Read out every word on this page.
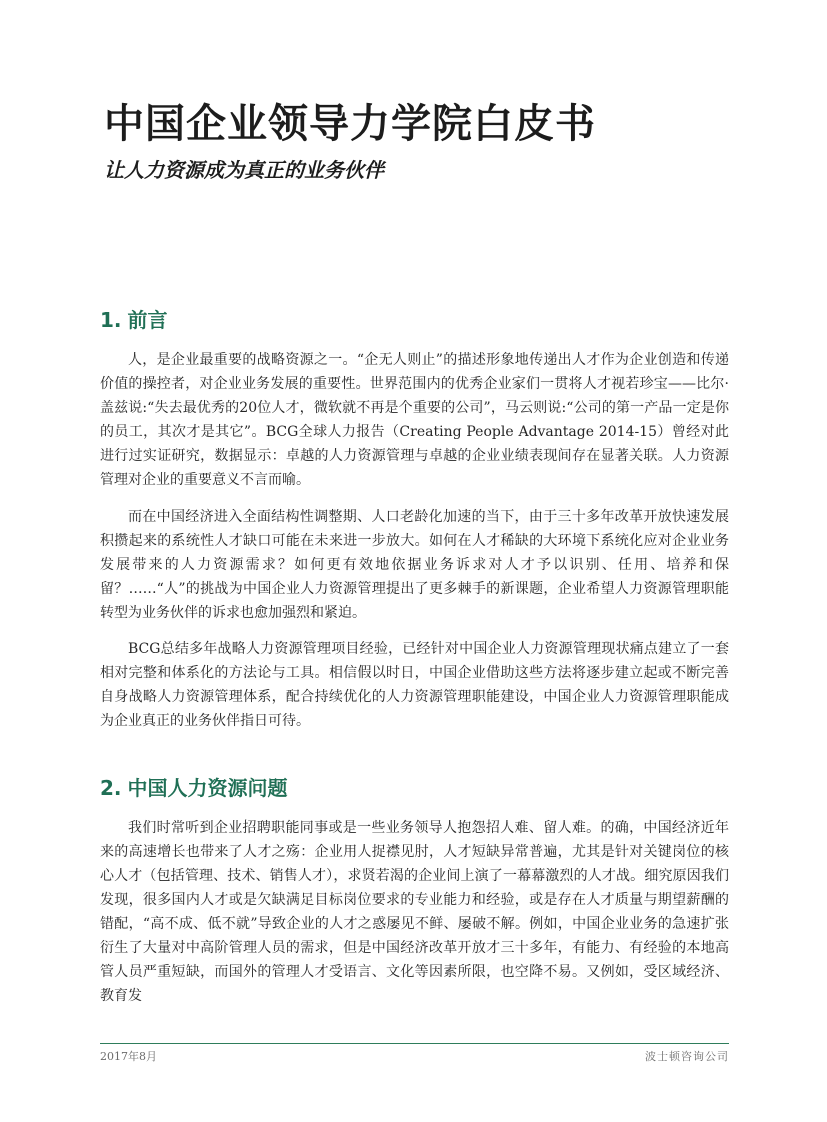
中国企业领导力学院白皮书
让人力资源成为真正的业务伙伴
1. 前言

人，是企业最重要的战略资源之一。“企无人则止”的描述形象地传递出人才作为企业创造和传递价值的操控者，对企业业务发展的重要性。世界范围内的优秀企业家们一贯将人才视若珍宝——比尔·盖兹说:“失去最优秀的20位人才，微软就不再是个重要的公司”，马云则说:“公司的第一产品一定是你的员工，其次才是其它”。BCG全球人力报告（Creating People Advantage 2014-15）曾经对此进行过实证研究，数据显示：卓越的人力资源管理与卓越的企业业绩表现间存在显著关联。人力资源管理对企业的重要意义不言而喻。

而在中国经济进入全面结构性调整期、人口老龄化加速的当下，由于三十多年改革开放快速发展积攒起来的系统性人才缺口可能在未来进一步放大。如何在人才稀缺的大环境下系统化应对企业业务发展带来的人力资源需求？如何更有效地依据业务诉求对人才予以识别、任用、培养和保留？……“人”的挑战为中国企业人力资源管理提出了更多棘手的新课题，企业希望人力资源管理职能转型为业务伙伴的诉求也愈加强烈和紧迫。

BCG总结多年战略人力资源管理项目经验，已经针对中国企业人力资源管理现状痛点建立了一套相对完整和体系化的方法论与工具。相信假以时日，中国企业借助这些方法将逐步建立起或不断完善自身战略人力资源管理体系，配合持续优化的人力资源管理职能建设，中国企业人力资源管理职能成为企业真正的业务伙伴指日可待。

2. 中国人力资源问题

我们时常听到企业招聘职能同事或是一些业务领导人抱怨招人难、留人难。的确，中国经济近年来的高速增长也带来了人才之殇：企业用人捉襟见肘，人才短缺异常普遍，尤其是针对关键岗位的核心人才（包括管理、技术、销售人才），求贤若渴的企业间上演了一幕幕激烈的人才战。细究原因我们发现，很多国内人才或是欠缺满足目标岗位要求的专业能力和经验，或是存在人才质量与期望薪酬的错配，“高不成、低不就”导致企业的人才之惑屡见不鲜、屡破不解。例如，中国企业业务的急速扩张衍生了大量对中高阶管理人员的需求，但是中国经济改革开放才三十多年，有能力、有经验的本地高管人员严重短缺，而国外的管理人才受语言、文化等因素所限，也空降不易。又例如，受区域经济、教育发

2017年8月	波士顿咨询公司
